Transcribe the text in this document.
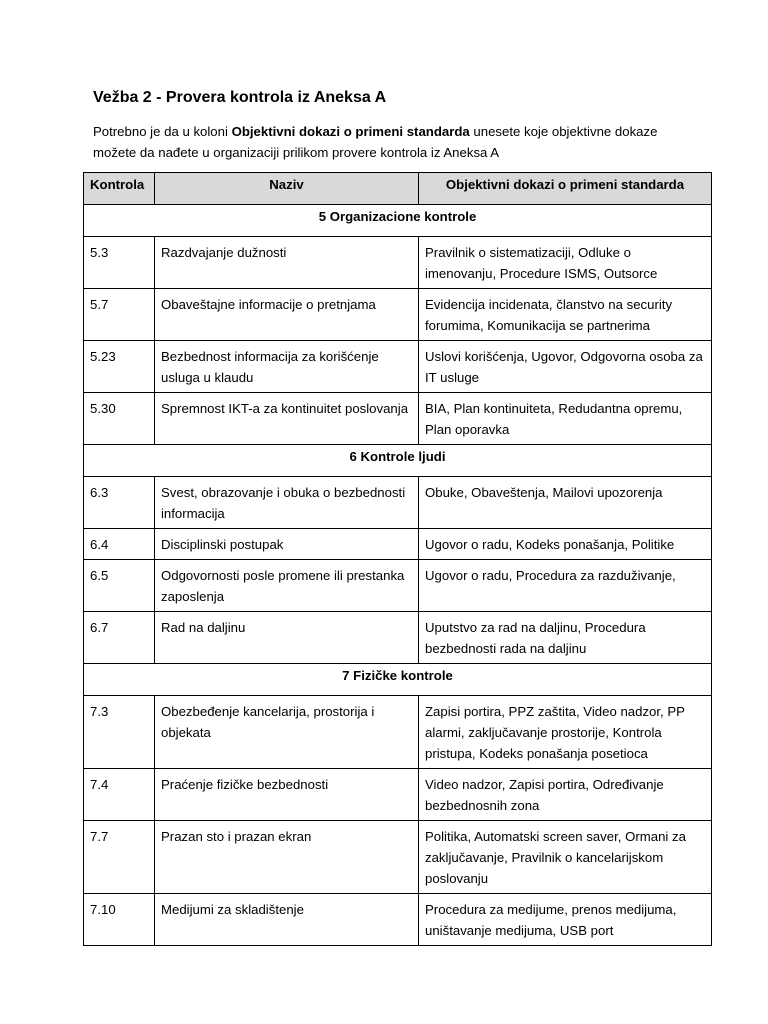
Vežba 2 - Provera kontrola iz Aneksa A

Potrebno je da u koloni Objektivni dokazi o primeni standarda unesete koje objektivne dokaze možete da nađete u organizaciji prilikom provere kontrola iz Aneksa A

Kontrola	Naziv	Objektivni dokazi o primeni standarda
5 Organizacione kontrole		
5.3	Razdvajanje dužnosti	Pravilnik o sistematizaciji, Odluke o imenovanju, Procedure ISMS, Outsorce
5.7	Obaveštajne informacije o pretnjama	Evidencija incidenata, članstvo na security forumima, Komunikacija se partnerima
5.23	Bezbednost informacija za korišćenje usluga u klaudu	Uslovi korišćenja, Ugovor, Odgovorna osoba za IT usluge
5.30	Spremnost IKT-a za kontinuitet poslovanja	BIA, Plan kontinuiteta, Redudantna opremu, Plan oporavka
6 Kontrole ljudi		
6.3	Svest, obrazovanje i obuka o bezbednosti informacija	Obuke, Obaveštenja, Mailovi upozorenja
6.4	Disciplinski postupak	Ugovor o radu, Kodeks ponašanja, Politike
6.5	Odgovornosti posle promene ili prestanka zaposlenja	Ugovor o radu, Procedura za razduživanje,
6.7	Rad na daljinu	Uputstvo za rad na daljinu, Procedura bezbednosti rada na daljinu
7 Fizičke kontrole		
7.3	Obezbeđenje kancelarija, prostorija i objekata	Zapisi portira, PPZ zaštita, Video nadzor, PP alarmi, zaključavanje prostorije, Kontrola pristupa, Kodeks ponašanja posetioca
7.4	Praćenje fizičke bezbednosti	Video nadzor, Zapisi portira, Određivanje bezbednosnih zona
7.7	Prazan sto i prazan ekran	Politika, Automatski screen saver, Ormani za zaključavanje, Pravilnik o kancelarijskom poslovanju
7.10	Medijumi za skladištenje	Procedura za medijume, prenos medijuma, uništavanje medijuma, USB port
